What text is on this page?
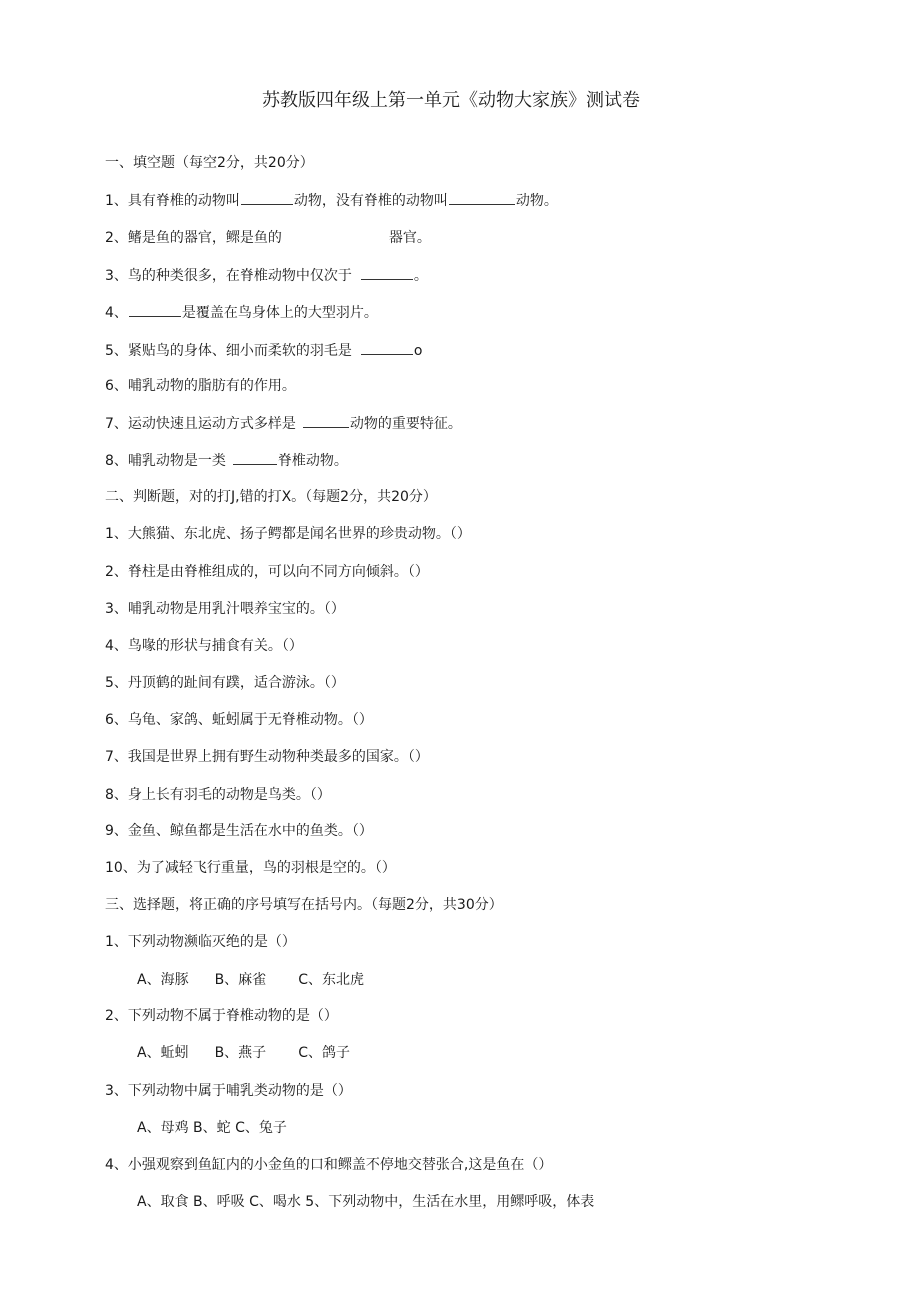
苏教版四年级上第一单元《动物大家族》测试卷
一、填空题（每空2分，共20分）
1、具有脊椎的动物叫	动物，没有脊椎的动物叫	动物。
2、鳍是鱼的器官，鳏是鱼的	器官。
3、鸟的种类很多，在脊椎动物中仅次于	。
4、	是覆盖在鸟身体上的大型羽片。
5、紧贴鸟的身体、细小而柔软的羽毛是	o
6、哺乳动物的脂肪有的作用。
7、运动快速且运动方式多样是	动物的重要特征。
8、哺乳动物是一类	脊椎动物。
二、判断题，对的打J,错的打X。（每题2分，共20分）
1、大熊猫、东北虎、扬子鳄都是闻名世界的珍贵动物。（）
2、脊柱是由脊椎组成的，可以向不同方向倾斜。（）
3、哺乳动物是用乳汁喂养宝宝的。（）
4、鸟喙的形状与捕食有关。（）
5、丹顶鹤的趾间有蹼，适合游泳。（）
6、乌龟、家鸽、蚯蚓属于无脊椎动物。（）
7、我国是世界上拥有野生动物种类最多的国家。（）
8、身上长有羽毛的动物是鸟类。（）
9、金鱼、鲸鱼都是生活在水中的鱼类。（）
10、为了减轻飞行重量，鸟的羽根是空的。（）
三、选择题，将正确的序号填写在括号内。（每题2分，共30分）
1、下列动物濒临灭绝的是（）
A、海豚 B、麻雀 C、东北虎
2、下列动物不属于脊椎动物的是（）
A、蚯蚓 B、燕子 C、鸽子
3、下列动物中属于哺乳类动物的是（）
A、母鸡 B、蛇 C、兔子
4、小强观察到鱼缸内的小金鱼的口和鳏盖不停地交替张合,这是鱼在（）
A、取食 B、呼吸 C、喝水 5、下列动物中，生活在水里，用鳏呼吸，体表
